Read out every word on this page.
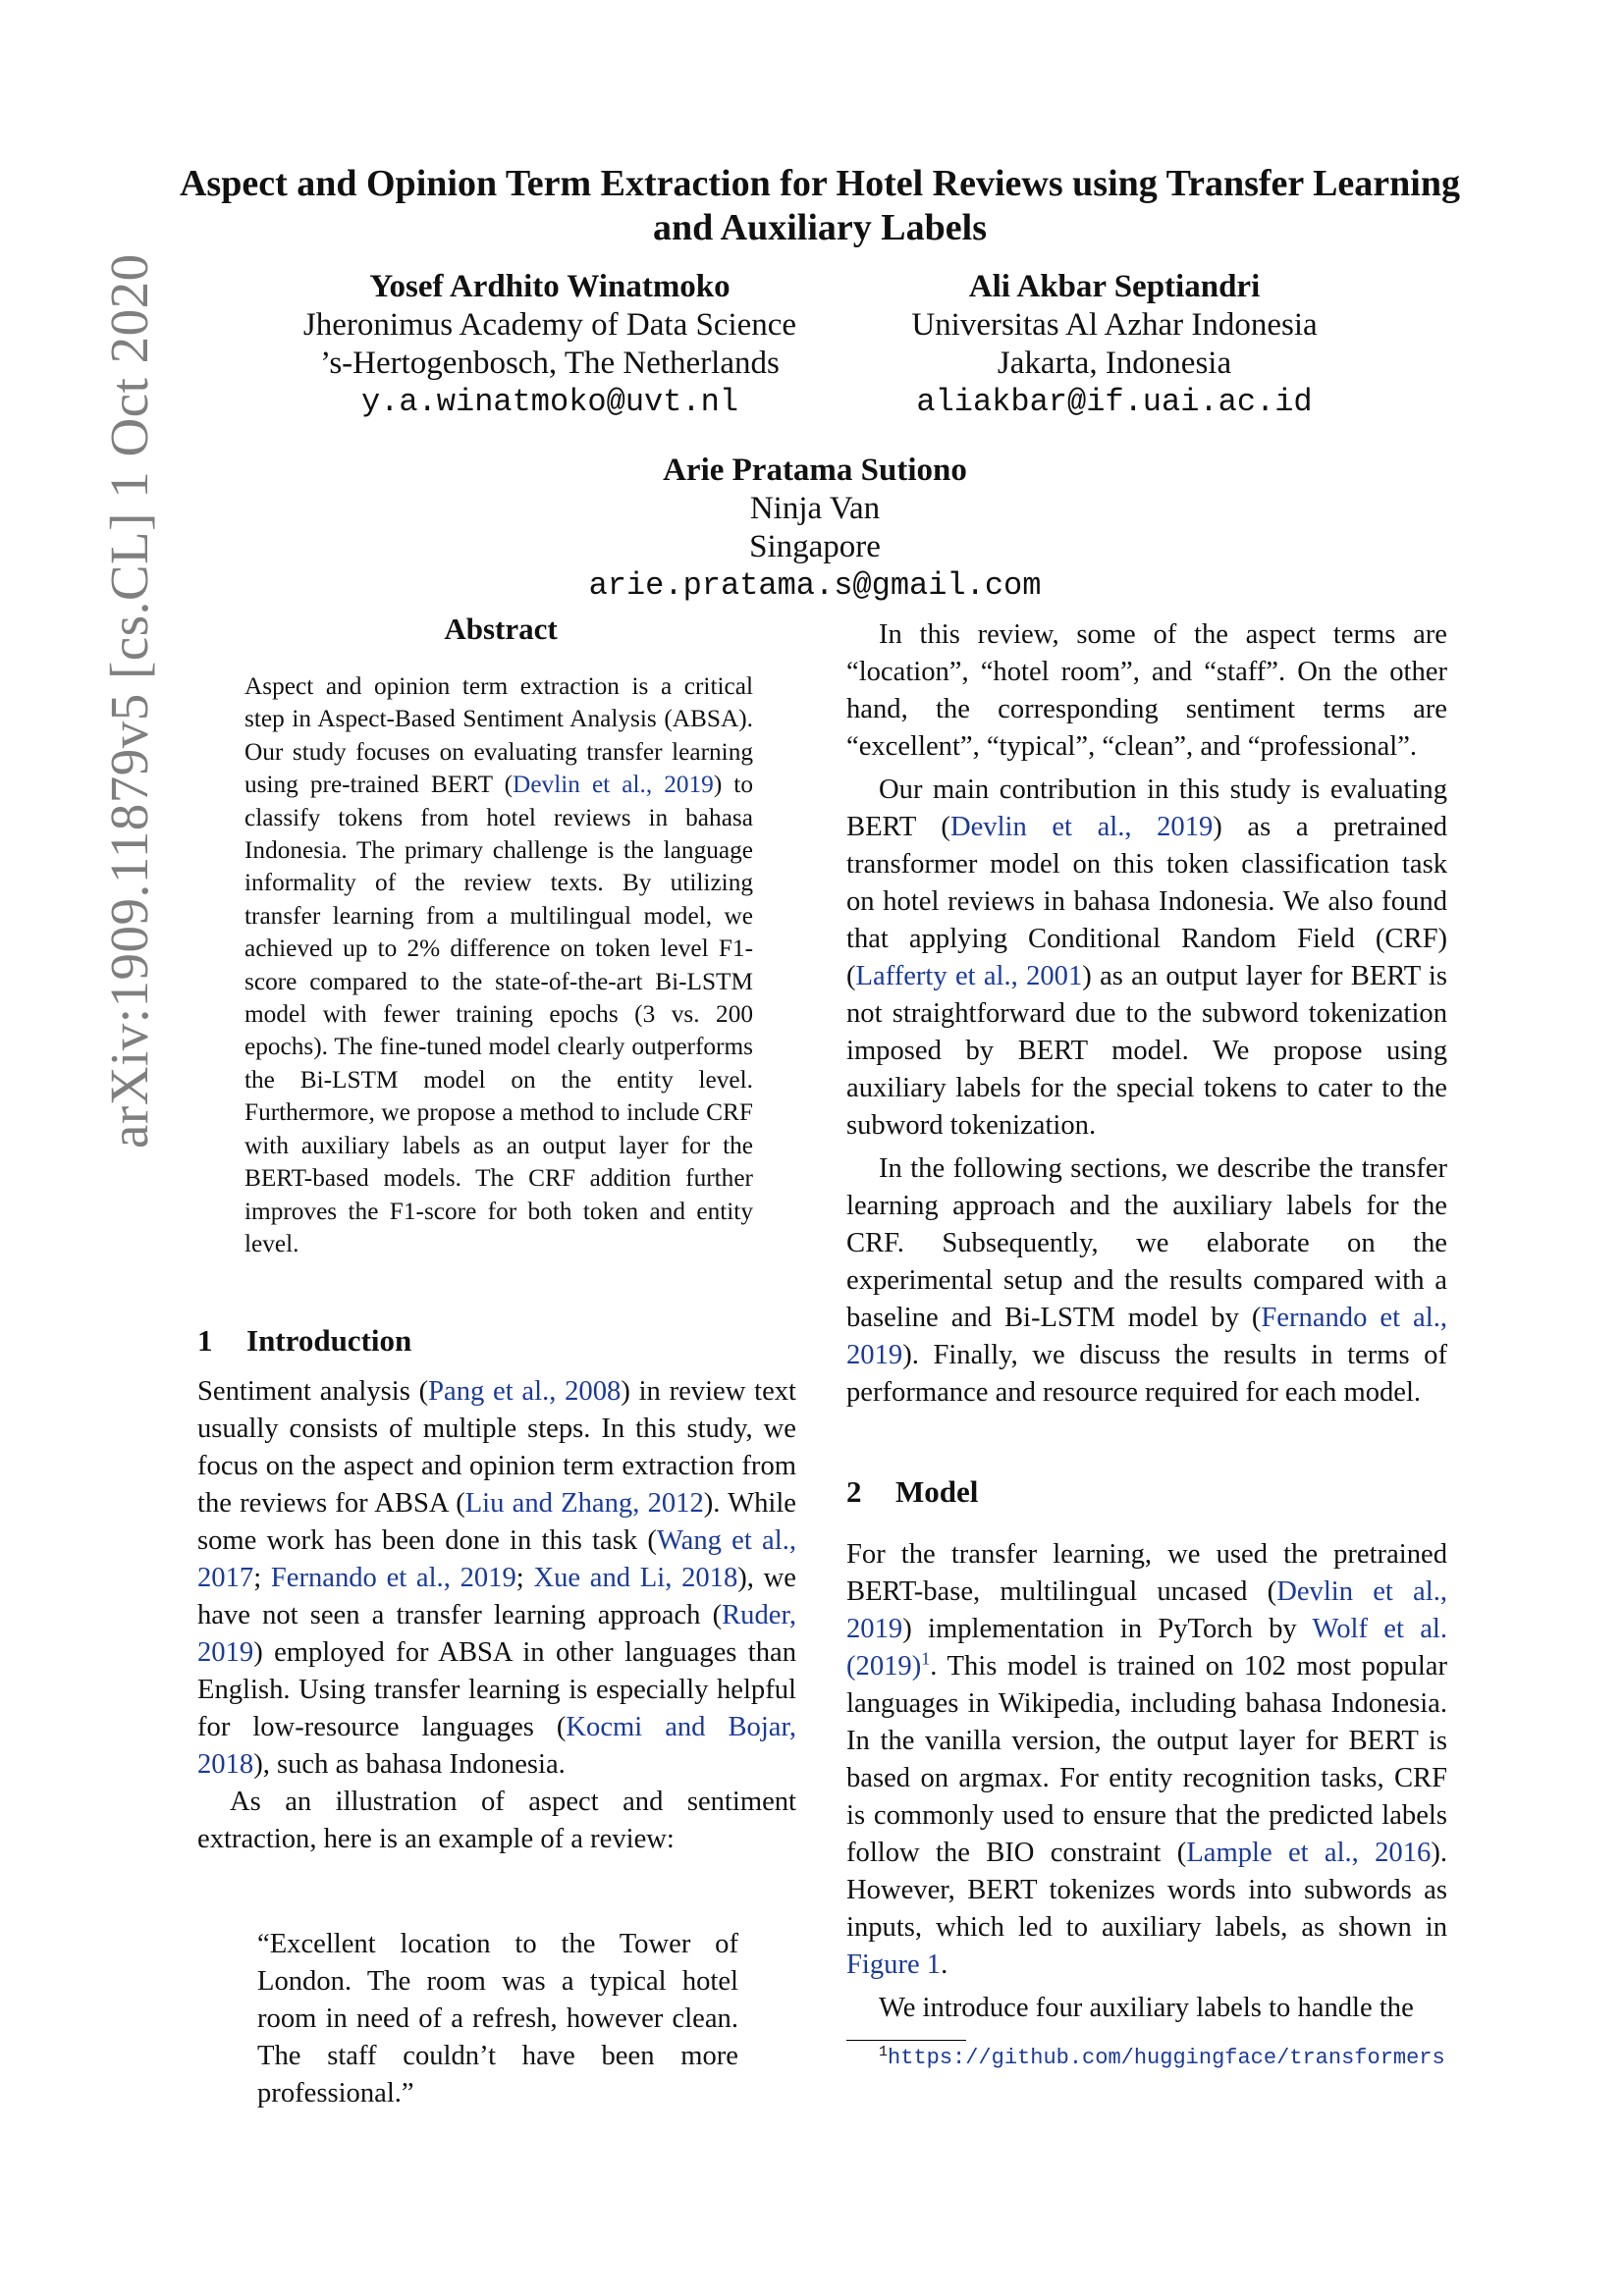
arXiv:1909.11879v5 [cs.CL] 1 Oct 2020
Aspect and Opinion Term Extraction for Hotel Reviews using Transfer Learning and Auxiliary Labels
Yosef Ardhito Winatmoko
Jheronimus Academy of Data Science
’s-Hertogenbosch, The Netherlands
y.a.winatmoko@uvt.nl
Ali Akbar Septiandri
Universitas Al Azhar Indonesia
Jakarta, Indonesia
aliakbar@if.uai.ac.id
Arie Pratama Sutiono
Ninja Van
Singapore
arie.pratama.s@gmail.com
Abstract

Aspect and opinion term extraction is a critical step in Aspect-Based Sentiment Analysis (ABSA). Our study focuses on evaluating transfer learning using pre-trained BERT (Devlin et al., 2019) to classify tokens from hotel reviews in bahasa Indonesia. The primary challenge is the language informality of the review texts. By utilizing transfer learning from a multilingual model, we achieved up to 2% difference on token level F1-score compared to the state-of-the-art Bi-LSTM model with fewer training epochs (3 vs. 200 epochs). The fine-tuned model clearly outperforms the Bi-LSTM model on the entity level. Furthermore, we propose a method to include CRF with auxiliary labels as an output layer for the BERT-based models. The CRF addition further improves the F1-score for both token and entity level.

1 Introduction

Sentiment analysis (Pang et al., 2008) in review text usually consists of multiple steps. In this study, we focus on the aspect and opinion term extraction from the reviews for ABSA (Liu and Zhang, 2012). While some work has been done in this task (Wang et al., 2017; Fernando et al., 2019; Xue and Li, 2018), we have not seen a transfer learning approach (Ruder, 2019) employed for ABSA in other languages than English. Using transfer learning is especially helpful for low-resource languages (Kocmi and Bojar, 2018), such as bahasa Indonesia.

As an illustration of aspect and sentiment extraction, here is an example of a review:

“Excellent location to the Tower of London. The room was a typical hotel room in need of a refresh, however clean. The staff couldn’t have been more professional.”

In this review, some of the aspect terms are “location”, “hotel room”, and “staff”. On the other hand, the corresponding sentiment terms are “excellent”, “typical”, “clean”, and “professional”.

Our main contribution in this study is evaluating BERT (Devlin et al., 2019) as a pretrained transformer model on this token classification task on hotel reviews in bahasa Indonesia. We also found that applying Conditional Random Field (CRF) (Lafferty et al., 2001) as an output layer for BERT is not straightforward due to the subword tokenization imposed by BERT model. We propose using auxiliary labels for the special tokens to cater to the subword tokenization.

In the following sections, we describe the transfer learning approach and the auxiliary labels for the CRF. Subsequently, we elaborate on the experimental setup and the results compared with a baseline and Bi-LSTM model by (Fernando et al., 2019). Finally, we discuss the results in terms of performance and resource required for each model.

2 Model

For the transfer learning, we used the pretrained BERT-base, multilingual uncased (Devlin et al., 2019) implementation in PyTorch by Wolf et al. (2019)$^1$. This model is trained on 102 most popular languages in Wikipedia, including bahasa Indonesia. In the vanilla version, the output layer for BERT is based on argmax. For entity recognition tasks, CRF is commonly used to ensure that the predicted labels follow the BIO constraint (Lample et al., 2016). However, BERT tokenizes words into subwords as inputs, which led to auxiliary labels, as shown in Figure 1.

We introduce four auxiliary labels to handle the

$^1$https://github.com/huggingface/transformers
